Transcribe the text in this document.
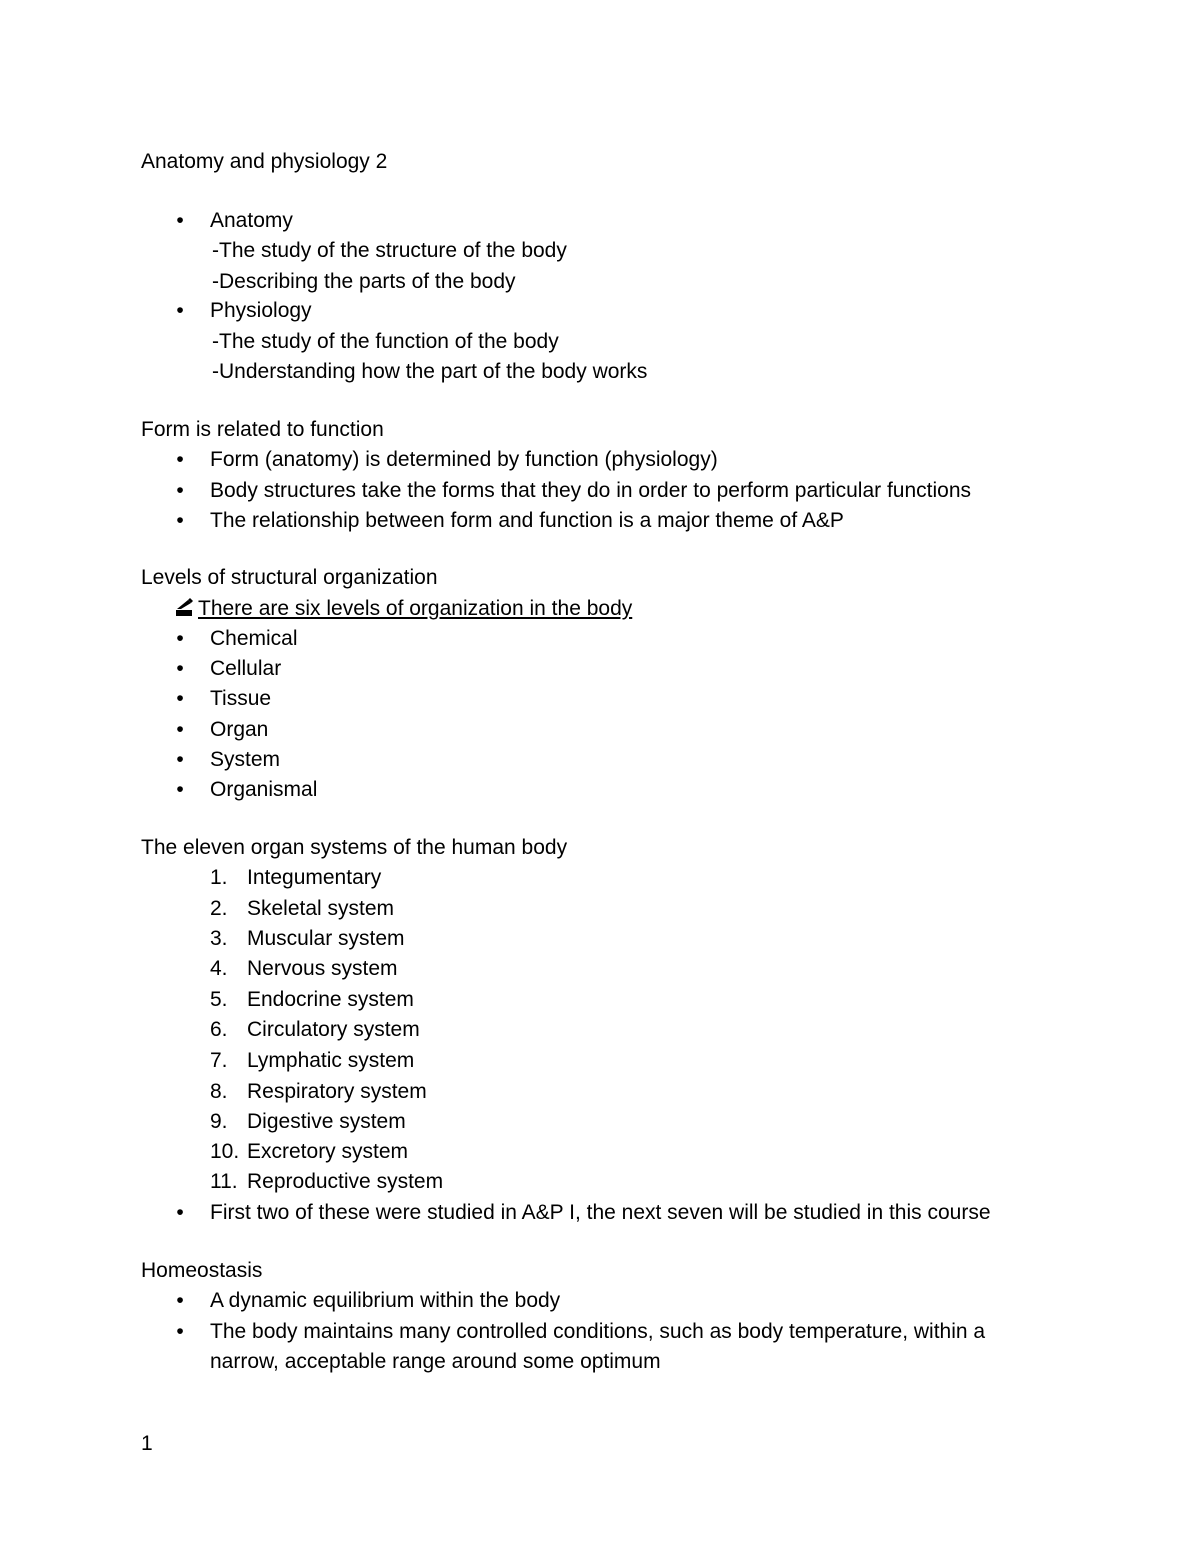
Anatomy and physiology 2
• Anatomy
-The study of the structure of the body
-Describing the parts of the body
• Physiology
-The study of the function of the body
-Understanding how the part of the body works
Form is related to function
• Form (anatomy) is determined by function (physiology)
• Body structures take the forms that they do in order to perform particular functions
• The relationship between form and function is a major theme of A&P
Levels of structural organization
There are six levels of organization in the body
• Chemical
• Cellular
• Tissue
• Organ
• System
• Organismal
The eleven organ systems of the human body
1. Integumentary
2. Skeletal system
3. Muscular system
4. Nervous system
5. Endocrine system
6. Circulatory system
7. Lymphatic system
8. Respiratory system
9. Digestive system
10. Excretory system
11. Reproductive system
• First two of these were studied in A&P I, the next seven will be studied in this course
Homeostasis
• A dynamic equilibrium within the body
• The body maintains many controlled conditions, such as body temperature, within a
narrow, acceptable range around some optimum
1
